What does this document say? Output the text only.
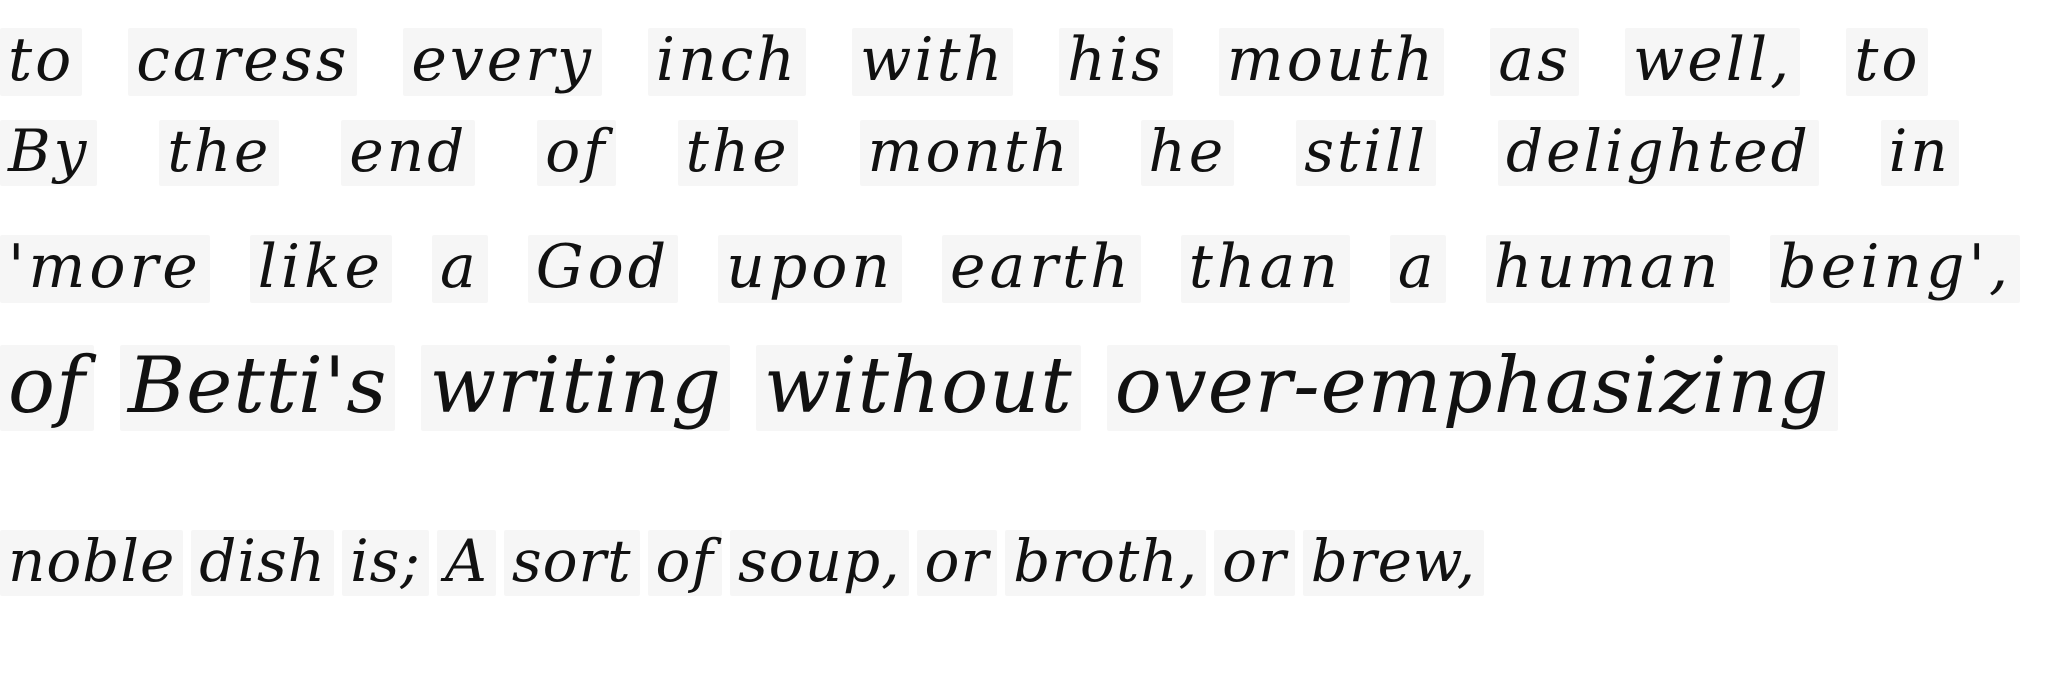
to caress every inch with his mouth as well, to
By the end of the month he still delighted in
'more like a God upon earth than a human being',
of Betti's writing without over-emphasizing
noble dish is; A sort of soup, or broth, or brew,
